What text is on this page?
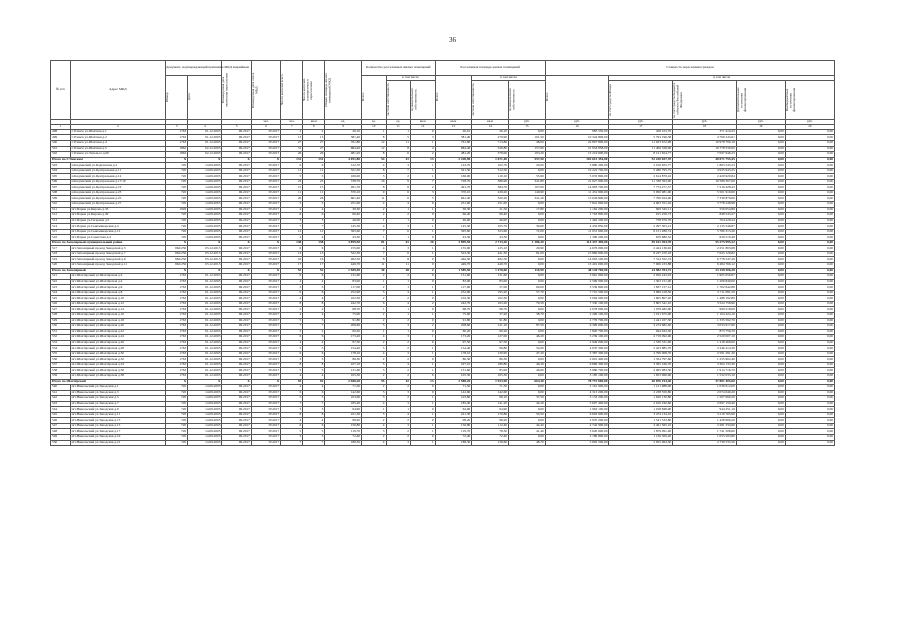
36
№ п/п	Адрес МКД	Документ, подтверждающий признание МКД аварийным		Планируемая дата окончания переселения	Планируемая дата сноса МКД	Число жителей всего	Число жителей, планируемых к переселению	Общая площадь жилых помещений МКД	Количество расселяемых жилых помещений			Расселяемая площадь жилых помещений			Стоимость переселения граждан				

		Номер	Дата						Всего	в том числе		Всего	в том числе		Всего	в том числе			

										частная собственность	муниципальная собственность		частная собственность	муниципальная собственность		за счет средств Фонда	за счет средств бюджета субъекта Российской Федерации	Дополнительные источники финансирования	Внебюджетные источники финансирования

					чел.	чел.	кв.м	ед.	ед.	ед.	кв.м	кв.м	кв.м	руб.	руб.	руб.	руб.	руб.	руб.
1	2	3	4	5	6	7	8	9	10	11	12	13	14	15	16	17	18	19	20
498	г.Усинск ул.Шахтная д.1	1763	01.12.2003	III.2017	IV.2017	2	2	26,10	1	1	0	26,10	26,10	0,00	985 530,00	458 103,70	371 410,25	0,00	0,00
499	г.Усинск ул.Шахтная д.2	1763	01.12.2003	III.2017	IV.2017	13	13	381,40	8	5	3	381,40	279,90	101,50	10 344 806,00	5 794 196,38	4 709 243,61	0,00	0,00
500	г.Усинск ул.Шахтная д.4	1763	01.12.2003	III.2017	IV.2017	27	27	761,80	12	11	1	761,80	713,80	48,00	22 897 890,00	11 933 672,98	10 978 790,19	0,00	0,00
501	г.Усинск ул.Шахтная д.5	1862	02.12.2003	III.2017	IV.2017	31	27	684,40	12	8	4	684,40	526,80	157,60	21 954 858,00	11 406 328,00	10 778 530,00	0,00	0,00
502	г.Усинск ул.Энгельса д.69	1862	02.12.2003	III.2017	IV.2017	26	26	481,20	8	6	2	481,20	378,00	103,20	15 219 600,00	8 121 654,77	7 097 946,23	0,00	0,00
Итого по Г.Уинским		X	X	X	X	131	131	4 491,80	54	41	13	2 228,90	1 671,40	557,50	102 615 354,00	52 220 657,70	48 071 755,45	0,00	0,00
503	п.Кадгевский ул.Кадгевская д.2	720	14.09.2005	III.2017	IV.2017	6	6	122,70	4	3	1	122,70	102,70	20,00	3 880 200,00	2 016 655,77	1 863 545,23	0,00	0,00
504	п.Кадгевский ул.Центральная д.11	720	14.09.2005	III.2017	IV.2017	11	11	321,50	8	7	1	321,50	312,50	9,00	10 222 740,00	5 286 795,75	4 935 943,25	0,00	0,00
505	п.Кадгевский ул.Центральная д.12	720	14.09.2005	III.2017	IV.2017	5	5	166,00	3	2	1	166,00	110,10	55,90	5 035 800,00	2 614 879,16	2 420 920,84	0,00	0,00
506	п.Кадгевский ул.Центральная д.17/19	720	14.09.2005	III.2017	IV.2017	23	23	728,70	16	9	7	728,70	386,90	341,80	21 927 900,00	11 338 593,00	10 589 307,00	0,00	0,00
507	п.Кадгевский ул.Центральная д.19	720	14.09.2005	III.2017	IV.2017	15	15	491,70	8	6	2	491,70	384,70	107,00	14 993 700,00	7 774 271,57	7 219 428,43	0,00	0,00
508	п.Кадгевский ул.Центральная д.23	720	14.09.2005	III.2017	IV.2017	11	11	370,10	9	6	3	370,10	229,20	140,90	11 452 900,00	5 950 981,00	5 501 919,00	0,00	0,00
509	п.Кадгевский ул.Центральная д.25	720	14.09.2005	III.2017	IV.2017	26	26	661,40	11	6	5	661,40	320,20	341,20	15 046 800,00	7 706 924,00	7 339 876,00	0,00	0,00
510	п.Кадгевский ул.Центральная д.27	720	14.09.2005	III.2017	IV.2017	5	5	251,00	4	4	0	251,00	251,00	0,00	7 841 600,00	4 063 351,02	3 778 248,98	0,00	0,00
511	пгт.Парма ул.Кирова д.33	1926	14.09.2005	III.2017	IV.2017	4	4	39,30	2	1	1	39,30	21,50	17,80	1 162 200,00	605 545,11	556 654,89	0,00	0,00
512	пгт.Парма ул.Кирова д.39	720	14.09.2005	III.2017	IV.2017	6	6	66,40	2	2	0	66,40	66,40	0,00	1 763 800,00	915 256,73	848 543,27	0,00	0,00
513	пгт.Парма ул.Гагарина д.5	720	14.09.2005	III.2017	IV.2017	3	3	46,00	1	1	0	46,00	46,00	0,00	1 463 200,00	758 970,76	704 229,24	0,00	0,00
514	пгт.Парма ул.Сыктывкарская д.4	720	14.09.2005	III.2017	IV.2017	7	7	145,30	4	3	1	145,30	105,70	39,60	4 432 850,00	2 297 303,13	2 135 546,87	0,00	0,00
515	пгт.Парма ул.Сыктывкарская д.12	720	14.09.2005	III.2017	IV.2017	12	12	395,60	7	6	1	395,60	323,60	72,00	11 931 600,00	6 151 286,74	5 780 313,26	0,00	0,00
516	пгт.Парма ул.Советская д.4	720	14.09.2005	III.2017	IV.2017	4	4	43,30	1	1	0	43,30	43,30	0,00	1 306 200,00	679 680,52	626 519,48	0,00	0,00
Итого по Заполярный муниципальный район		X	X	X	X	138	138	3 899,50	81	61	20	3 899,50	2 713,20	1 186,30	114 437 490,00	59 161 494,78	55 275 995,22	0,00	0,00
517	пгт.Заполярный проезд Заводской д.5	962/250	03.12.2013	III.2017	IV.2017	6	6	155,00	4	3	1	155,00	125,10	29,90	4 676 000,00	2 424 136,92	2 251 863,08	0,00	0,00
518	пгт.Заполярный проезд Заводской д.7	962/250	03.12.2013	III.2017	IV.2017	13	13	522,30	7	6	1	522,30	441,30	81,00	15 880 600,00	8 237 470,18	7 643 129,82	0,00	0,00
519	пгт.Заполярный проезд Заводской д.9	962/250	03.12.2013	III.2017	IV.2017	16	16	462,50	8	8	0	462,50	462,50	0,00	14 093 100,00	7 314 552,74	6 778 547,26	0,00	0,00
520	пгт.Заполярный проезд Заводской д.11	962/250	03.12.2013	III.2017	IV.2017	17	17	449,70	11	11	0	449,70	449,70	0,00	13 491 000,00	7 006 233,88	6 484 766,12	0,00	0,00
Итого по Заполярный		X	X	X	X	52	52	1 589,50	30	28	2	1 589,50	1 478,60	110,90	48 140 700,00	24 982 393,72	23 158 306,28	0,00	0,00
521	пгт.Шахтёрский ул.Шахтёрская д.2	1763	01.12.2003	III.2017	IV.2017	6	6	131,60	2	2	0	131,60	131,60	0,00	3 961 900,00	2 056 243,03	1 905 656,97	0,00	0,00
522	пгт.Шахтёрский ул.Шахтёрская д.4	1763	01.12.2003	III.2017	IV.2017	4	4	83,00	1	1	0	83,00	83,00	0,00	2 509 000,00	1 302 151,00	1 206 849,00	0,00	0,00
523	пгт.Шахтёрский ул.Шахтёрская д.6	1763	01.12.2003	III.2017	IV.2017	3	3	117,00	2	1	1	117,00	57,00	60,00	3 539 800,00	1 837 157,12	1 702 642,88	0,00	0,00
524	пгт.Шахтёрский ул.Шахтёрская д.8	1763	01.12.2003	III.2017	IV.2017	6	6	252,90	5	4	1	252,90	195,20	57,70	7 710 500,00	3 999 418,50	3 711 081,50	0,00	0,00
525	пгт.Шахтёрский ул.Шахтёрская д.10	1763	01.12.2003	III.2017	IV.2017	4	4	102,30	2	2	0	102,30	102,30	0,00	3 094 000,00	1 605 807,20	1 488 192,80	0,00	0,00
526	пгт.Шахтёрский ул.Шахтёрская д.12	1763	01.12.2003	III.2017	IV.2017	8	8	242,70	6	4	2	242,70	163,20	79,50	7 330 100,00	3 805 341,10	3 524 758,90	0,00	0,00
527	пгт.Шахтёрский ул.Шахтёрская д.14	1763	01.12.2003	III.2017	IV.2017	2	2	68,70	1	1	0	68,70	68,70	0,00	2 078 000,00	1 078 482,00	999 518,00	0,00	0,00
528	пгт.Шахтёрский ул.Шахтёрская д.16	1763	01.12.2003	III.2017	IV.2017	4	4	75,90	2	1	1	75,90	37,20	38,70	2 296 100,00	1 191 675,90	1 104 424,10	0,00	0,00
529	пгт.Шахтёрский ул.Шахтёрская д.18	1763	01.12.2003	III.2017	IV.2017	5	5	91,80	2	2	0	91,80	91,80	0,00	2 776 700,00	1 441 107,30	1 335 592,70	0,00	0,00
530	пгт.Шахтёрский ул.Шахтёрская д.20	1763	01.12.2003	III.2017	IV.2017	7	7	208,60	5	3	2	208,60	121,10	87,50	6 309 600,00	3 274 682,40	3 034 917,60	0,00	0,00
531	пгт.Шахтёрский ул.Шахтёрская д.22	1763	01.12.2003	III.2017	IV.2017	2	2	60,20	1	1	0	60,20	60,20	0,00	1 820 700,00	944 943,30	875 756,70	0,00	0,00
532	пгт.Шахтёрский ул.Шахтёрская д.24	1763	01.12.2003	III.2017	IV.2017	6	6	173,20	4	3	1	173,20	127,00	46,20	5 239 100,00	2 719 092,90	2 520 007,10	0,00	0,00
533	пгт.Шахтёрский ул.Шахтёрская д.26	1763	01.12.2003	III.2017	IV.2017	4	4	97,50	2	2	0	97,50	97,50	0,00	2 949 000,00	1 530 531,00	1 418 469,00	0,00	0,00
534	пгт.Шахтёрский ул.Шахтёрская д.28	1763	01.12.2003	III.2017	IV.2017	5	5	154,40	3	2	1	154,40	99,80	54,60	4 670 300,00	2 423 885,70	2 246 414,30	0,00	0,00
535	пгт.Шахтёрский ул.Шахтёрская д.30	1763	01.12.2003	III.2017	IV.2017	6	6	178,10	4	3	1	178,10	130,90	47,20	5 387 300,00	2 796 008,70	2 591 291,30	0,00	0,00
536	пгт.Шахтёрский ул.Шахтёрская д.32	1763	01.12.2003	III.2017	IV.2017	3	3	86,30	2	2	0	86,30	86,30	0,00	2 610 400,00	1 354 797,60	1 255 602,40	0,00	0,00
537	пгт.Шахтёрский ул.Шахтёрская д.34	1763	01.12.2003	III.2017	IV.2017	8	8	227,10	5	4	1	227,10	180,80	46,30	6 869 300,00	3 565 166,70	3 304 133,30	0,00	0,00
538	пгт.Шахтёрский ул.Шахтёрская д.36	1763	01.12.2003	III.2017	IV.2017	5	5	131,60	3	2	1	131,60	85,00	46,60	3 980 700,00	2 065 983,30	1 914 716,70	0,00	0,00
539	пгт.Шахтёрский ул.Шахтёрская д.38	1763	01.12.2003	III.2017	IV.2017	4	4	105,30	2	2	0	105,30	105,30	0,00	3 185 100,00	1 653 066,90	1 532 033,10	0,00	0,00
Итого по Шахтёрский		X	X	X	X	92	92	2 588,20	55	42	13	2 588,20	1 923,90	664,30	78 757 600,00	40 876 194,40	37 881 405,60	0,00	0,00
540	пгт.Никольский ул.Заводская д.1	720	14.09.2005	III.2017	IV.2017	4	4	71,50	2	2	0	71,50	71,50	0,00	2 161 900,00	1 121 988,00	1 039 912,00	0,00	0,00
541	пгт.Никольский ул.Заводская д.3	720	14.09.2005	III.2017	IV.2017	6	6	142,60	3	3	0	142,60	142,60	0,00	4 313 200,00	2 238 550,80	2 074 649,20	0,00	0,00
542	пгт.Никольский ул.Заводская д.5	720	14.09.2005	III.2017	IV.2017	5	5	103,60	3	2	1	103,60	66,10	37,50	3 133 200,00	1 626 130,80	1 507 069,20	0,00	0,00
543	пгт.Никольский ул.Заводская д.7	720	14.09.2005	III.2017	IV.2017	7	7	185,40	4	3	1	185,40	141,20	44,20	5 607 400,00	2 910 240,60	2 697 159,40	0,00	0,00
544	пгт.Никольский ул.Заводская д.9	720	14.09.2005	III.2017	IV.2017	3	3	64,90	1	1	0	64,90	64,90	0,00	1 963 100,00	1 018 848,90	944 251,10	0,00	0,00
545	пгт.Никольский ул.Заводская д.11	720	14.09.2005	III.2017	IV.2017	8	8	221,30	5	4	1	221,30	170,80	50,50	6 693 900,00	3 474 134,10	3 219 765,90	0,00	0,00
546	пгт.Никольский ул.Заводская д.13	720	14.09.2005	III.2017	IV.2017	4	4	98,20	2	2	0	98,20	98,20	0,00	2 970 200,00	1 541 533,80	1 428 666,20	0,00	0,00
547	пгт.Никольский ул.Заводская д.15	720	14.09.2005	III.2017	IV.2017	6	6	156,80	4	3	1	156,80	112,40	44,40	4 742 900,00	2 461 565,10	2 281 334,90	0,00	0,00
548	пгт.Никольский ул.Заводская д.17	720	14.09.2005	III.2017	IV.2017	5	5	119,70	3	2	1	119,70	78,30	41,40	3 620 600,00	1 879 091,40	1 741 508,60	0,00	0,00
549	пгт.Никольский ул.Заводская д.19	720	14.09.2005	III.2017	IV.2017	3	3	72,40	2	2	0	72,40	72,40	0,00	2 189 800,00	1 136 506,20	1 053 293,80	0,00	0,00
550	пгт.Никольский ул.Заводская д.21	720	14.09.2005	III.2017	IV.2017	7	7	188,30	4	3	1	188,30	139,60	48,70	5 695 500,00	2 955 964,50	2 739 535,50	0,00	0,00
